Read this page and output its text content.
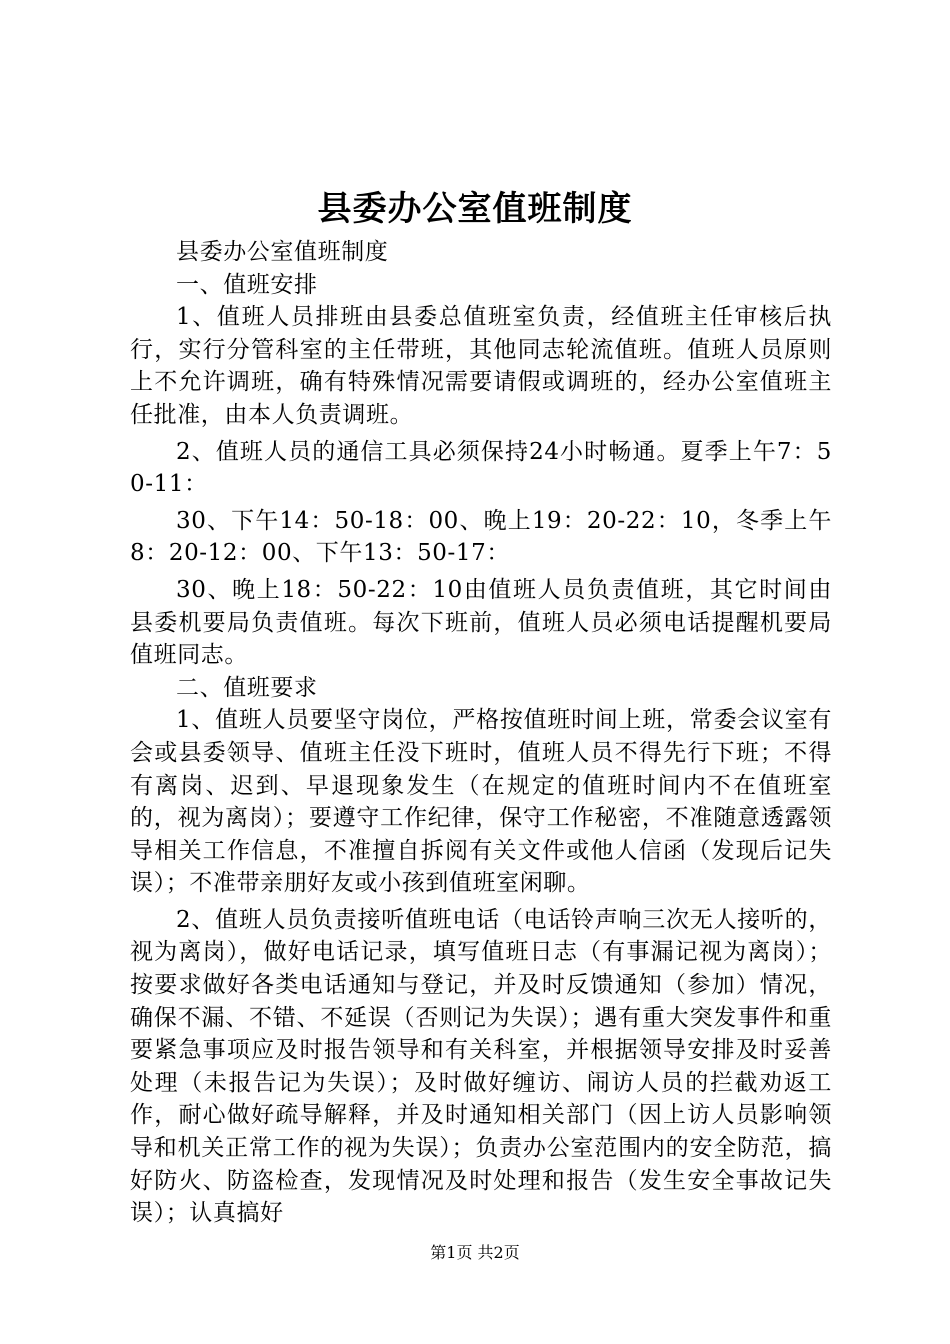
县委办公室值班制度

县委办公室值班制度

一、值班安排

1、值班人员排班由县委总值班室负责，经值班主任审核后执行，实行分管科室的主任带班，其他同志轮流值班。值班人员原则上不允许调班，确有特殊情况需要请假或调班的，经办公室值班主任批准，由本人负责调班。

2、值班人员的通信工具必须保持24小时畅通。夏季上午7：50-11：

30、下午14：50-18：00、晚上19：20-22：10，冬季上午8：20-12：00、下午13：50-17：

30、晚上18：50-22：10由值班人员负责值班，其它时间由县委机要局负责值班。每次下班前，值班人员必须电话提醒机要局值班同志。

二、值班要求

1、值班人员要坚守岗位，严格按值班时间上班，常委会议室有会或县委领导、值班主任没下班时，值班人员不得先行下班；不得有离岗、迟到、早退现象发生（在规定的值班时间内不在值班室的，视为离岗）；要遵守工作纪律，保守工作秘密，不准随意透露领导相关工作信息，不准擅自拆阅有关文件或他人信函（发现后记失误）；不准带亲朋好友或小孩到值班室闲聊。

2、值班人员负责接听值班电话（电话铃声响三次无人接听的，视为离岗），做好电话记录，填写值班日志（有事漏记视为离岗）；按要求做好各类电话通知与登记，并及时反馈通知（参加）情况，确保不漏、不错、不延误（否则记为失误）；遇有重大突发事件和重要紧急事项应及时报告领导和有关科室，并根据领导安排及时妥善处理（未报告记为失误）；及时做好缠访、闹访人员的拦截劝返工作，耐心做好疏导解释，并及时通知相关部门（因上访人员影响领导和机关正常工作的视为失误）；负责办公室范围内的安全防范，搞好防火、防盗检查，发现情况及时处理和报告（发生安全事故记失误）；认真搞好

第1页 共2页
